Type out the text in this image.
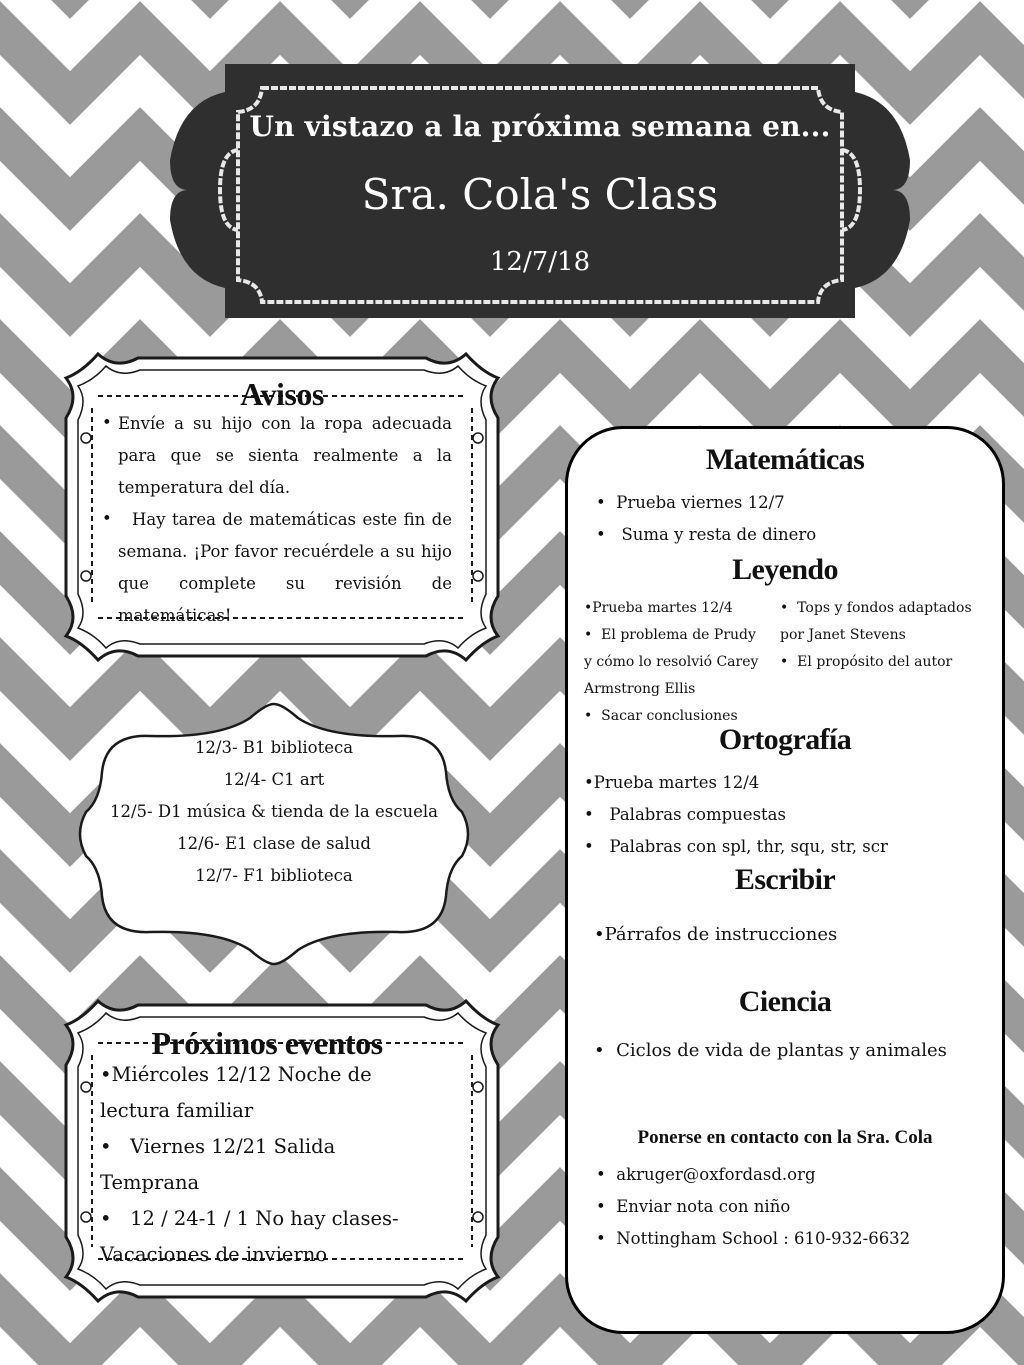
Un vistazo a la próxima semana en...
Sra. Cola's Class
12/7/18
Avisos
• Envíe a su hijo con la ropa adecuada para que se sienta realmente a la temperatura del día.
•	Hay tarea de matemáticas este fin de semana. ¡Por favor recuérdele a su hijo que complete su revisión de matemáticas!
12/3- B1 biblioteca
12/4- C1 art
12/5- D1 música & tienda de la escuela
12/6- E1 clase de salud
12/7- F1 biblioteca
Próximos eventos
•Miércoles 12/12 Noche de lectura familiar
• Viernes 12/21 Salida Temprana
• 12 / 24-1 / 1 No hay clases- Vacaciones de invierno
Matemáticas
• Prueba viernes 12/7
• Suma y resta de dinero
Leyendo
•Prueba martes 12/4
• El problema de Prudy y cómo lo resolvió Carey Armstrong Ellis
• Sacar conclusiones
• Tops y fondos adaptados por Janet Stevens
• El propósito del autor
Ortografía
•Prueba martes 12/4
• Palabras compuestas
• Palabras con spl, thr, squ, str, scr
Escribir
•Párrafos de instrucciones
Ciencia
• Ciclos de vida de plantas y animales
Ponerse en contacto con la Sra. Cola
• akruger@oxfordasd.org
• Enviar nota con niño
• Nottingham School : 610-932-6632
